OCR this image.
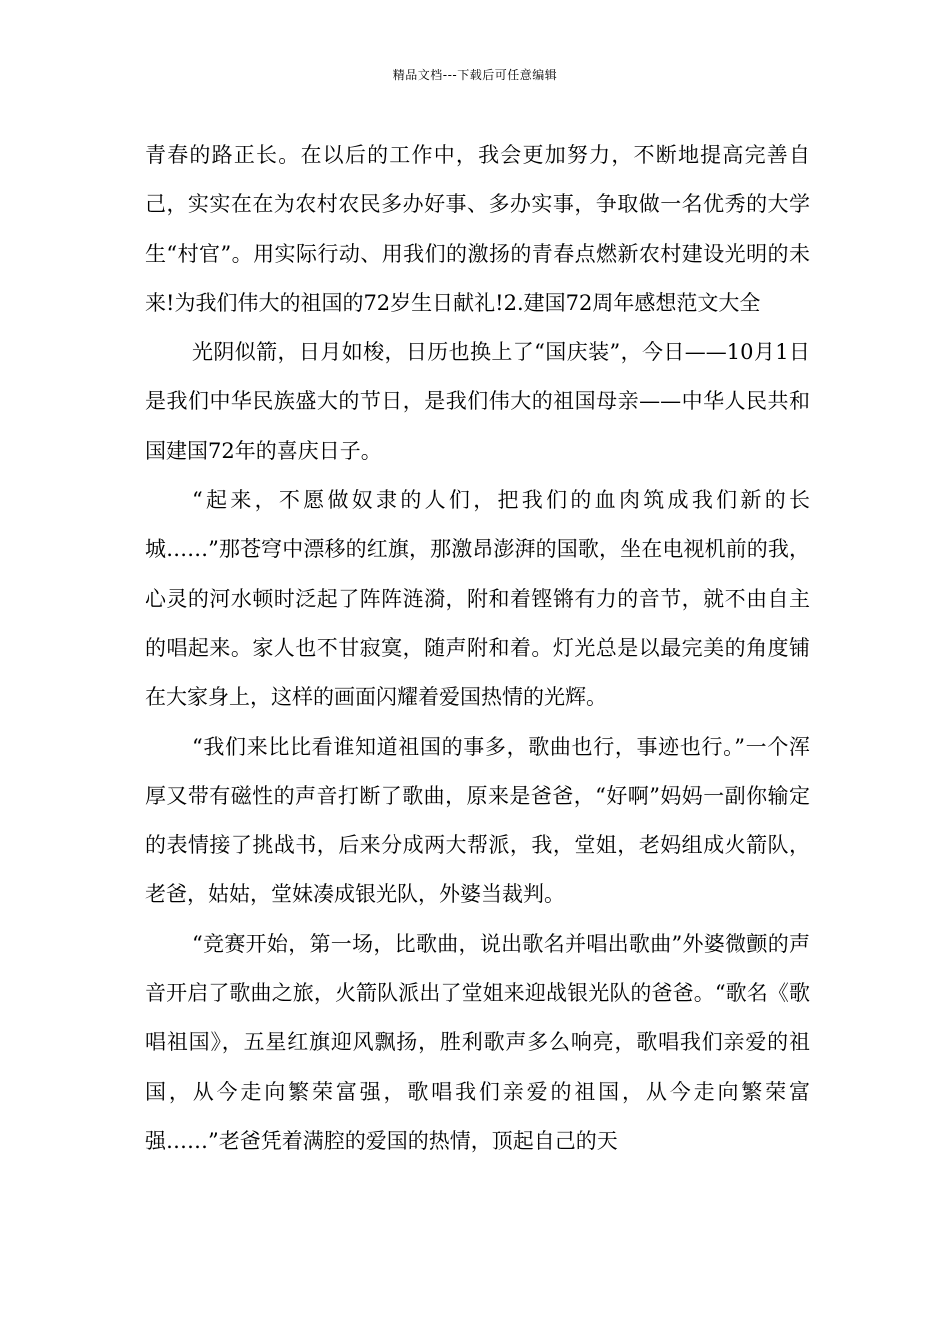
精品文档---下载后可任意编辑

青春的路正长。在以后的工作中，我会更加努力，不断地提高完善自己，实实在在为农村农民多办好事、多办实事，争取做一名优秀的大学生“村官”。用实际行动、用我们的激扬的青春点燃新农村建设光明的未来!为我们伟大的祖国的72岁生日献礼!2.建国72周年感想范文大全

光阴似箭，日月如梭，日历也换上了“国庆装”，今日——10月1日是我们中华民族盛大的节日，是我们伟大的祖国母亲——中华人民共和国建国72年的喜庆日子。

“起来，不愿做奴隶的人们，把我们的血肉筑成我们新的长城……”那苍穹中漂移的红旗，那激昂澎湃的国歌，坐在电视机前的我，心灵的河水顿时泛起了阵阵涟漪，附和着铿锵有力的音节，就不由自主的唱起来。家人也不甘寂寞，随声附和着。灯光总是以最完美的角度铺在大家身上，这样的画面闪耀着爱国热情的光辉。

“我们来比比看谁知道祖国的事多，歌曲也行，事迹也行。”一个浑厚又带有磁性的声音打断了歌曲，原来是爸爸，“好啊”妈妈一副你输定的表情接了挑战书，后来分成两大帮派，我，堂姐，老妈组成火箭队，老爸，姑姑，堂妹凑成银光队，外婆当裁判。

“竞赛开始，第一场，比歌曲，说出歌名并唱出歌曲”外婆微颤的声音开启了歌曲之旅，火箭队派出了堂姐来迎战银光队的爸爸。“歌名《歌唱祖国》，五星红旗迎风飘扬，胜利歌声多么响亮，歌唱我们亲爱的祖国，从今走向繁荣富强，歌唱我们亲爱的祖国，从今走向繁荣富强……”老爸凭着满腔的爱国的热情，顶起自己的天
